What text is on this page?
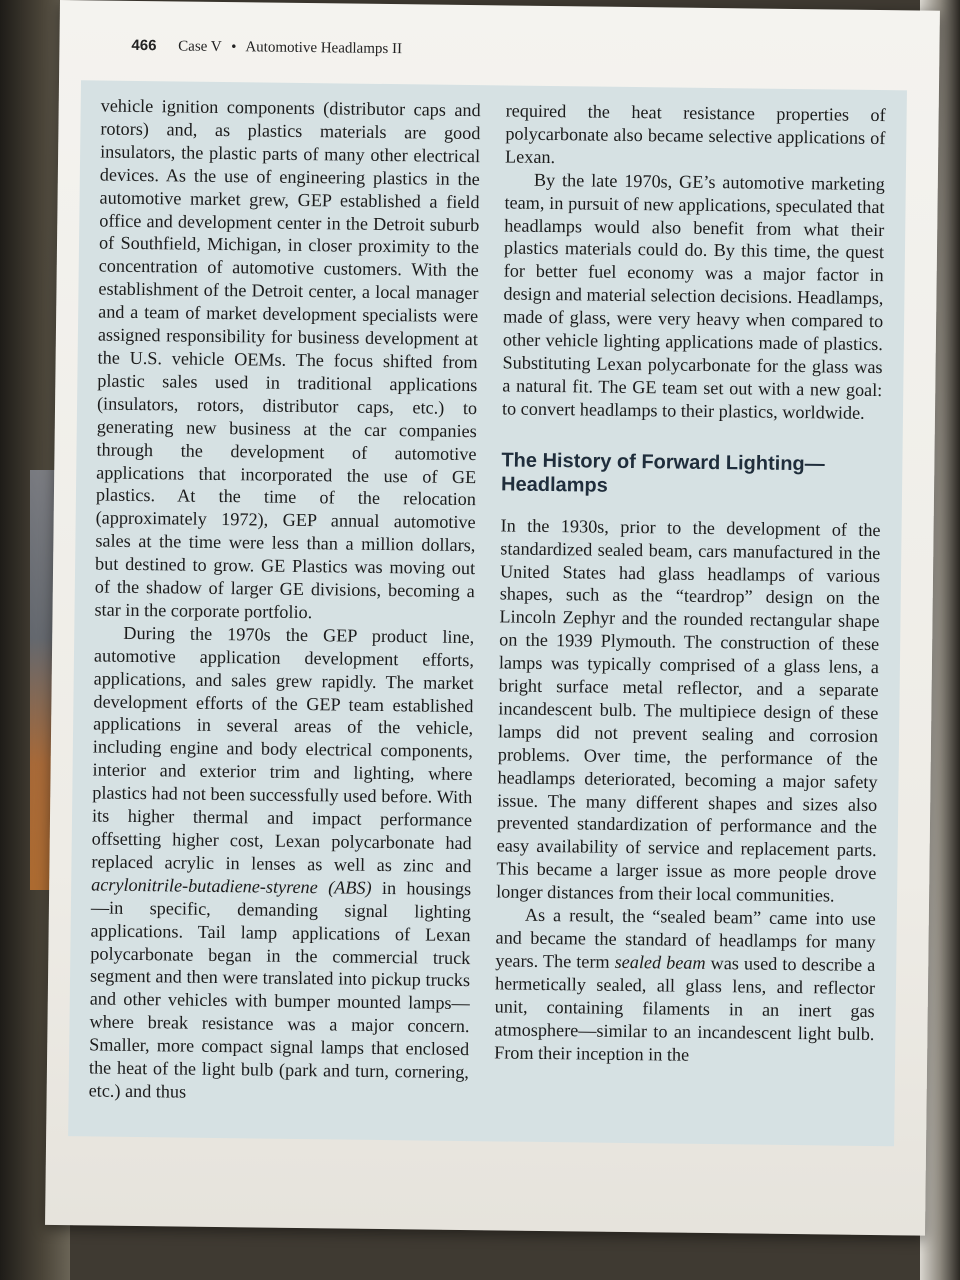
466 Case V • Automotive Headlamps II

vehicle ignition components (distributor caps and rotors) and, as plastics materials are good insulators, the plastic parts of many other electrical devices. As the use of engineering plastics in the automotive market grew, GEP established a field office and development center in the Detroit suburb of Southfield, Michigan, in closer proximity to the concentration of automotive customers. With the establishment of the Detroit center, a local manager and a team of market development specialists were assigned responsibility for business development at the U.S. vehicle OEMs. The focus shifted from plastic sales used in traditional applications (insulators, rotors, distributor caps, etc.) to generating new business at the car companies through the development of automotive applications that incorporated the use of GE plastics. At the time of the relocation (approximately 1972), GEP annual automotive sales at the time were less than a million dollars, but destined to grow. GE Plastics was moving out of the shadow of larger GE divisions, becoming a star in the corporate portfolio.

During the 1970s the GEP product line, automotive application development efforts, applications, and sales grew rapidly. The market development efforts of the GEP team established applications in several areas of the vehicle, including engine and body electrical components, interior and exterior trim and lighting, where plastics had not been successfully used before. With its higher thermal and impact performance offsetting higher cost, Lexan polycarbonate had replaced acrylic in lenses as well as zinc and acrylonitrile-butadiene-styrene (ABS) in housings—in specific, demanding signal lighting applications. Tail lamp applications of Lexan polycarbonate began in the commercial truck segment and then were translated into pickup trucks and other vehicles with bumper mounted lamps—where break resistance was a major concern. Smaller, more compact signal lamps that enclosed the heat of the light bulb (park and turn, cornering, etc.) and thus

required the heat resistance properties of polycarbonate also became selective applications of Lexan.

By the late 1970s, GE’s automotive marketing team, in pursuit of new applications, speculated that headlamps would also benefit from what their plastics materials could do. By this time, the quest for better fuel economy was a major factor in design and material selection decisions. Headlamps, made of glass, were very heavy when compared to other vehicle lighting applications made of plastics. Substituting Lexan polycarbonate for the glass was a natural fit. The GE team set out with a new goal: to convert headlamps to their plastics, worldwide.

The History of Forward Lighting—Headlamps

In the 1930s, prior to the development of the standardized sealed beam, cars manufactured in the United States had glass headlamps of various shapes, such as the “teardrop” design on the Lincoln Zephyr and the rounded rectangular shape on the 1939 Plymouth. The construction of these lamps was typically comprised of a glass lens, a bright surface metal reflector, and a separate incandescent bulb. The multipiece design of these lamps did not prevent sealing and corrosion problems. Over time, the performance of the headlamps deteriorated, becoming a major safety issue. The many different shapes and sizes also prevented standardization of performance and the easy availability of service and replacement parts. This became a larger issue as more people drove longer distances from their local communities.

As a result, the “sealed beam” came into use and became the standard of headlamps for many years. The term sealed beam was used to describe a hermetically sealed, all glass lens, and reflector unit, containing filaments in an inert gas atmosphere—similar to an incandescent light bulb. From their inception in the
